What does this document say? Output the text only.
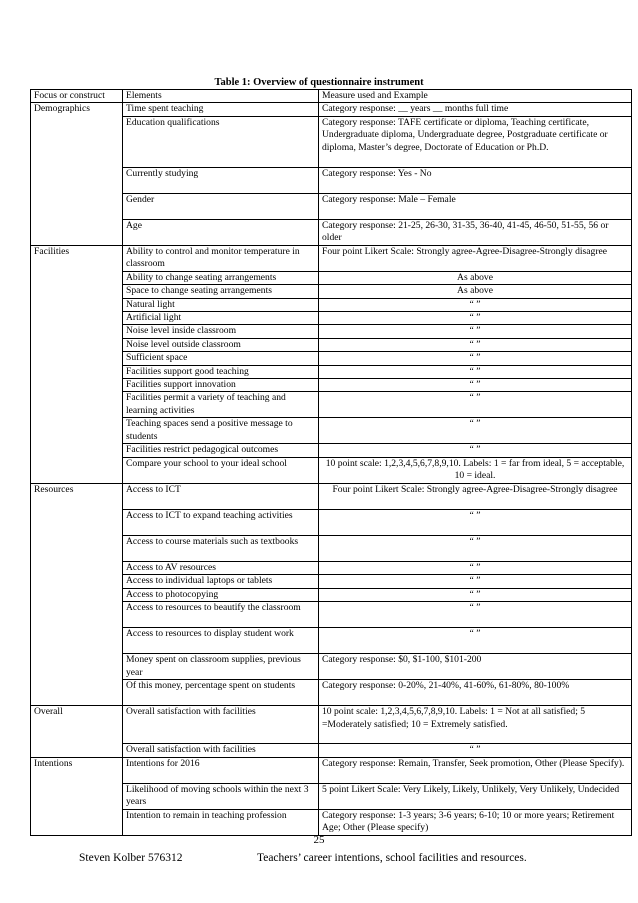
Table 1: Overview of questionnaire instrument
Focus or construct	Elements	Measure used and Example
Demographics	Time spent teaching	Category response: __ years __ months full time
	Education qualifications	Category response: TAFE certificate or diploma, Teaching certificate, Undergraduate diploma, Undergraduate degree, Postgraduate certificate or diploma, Master’s degree, Doctorate of Education or Ph.D.
	Currently studying	Category response: Yes - No
	Gender	Category response: Male – Female
	Age	Category response: 21-25, 26-30, 31-35, 36-40, 41-45, 46-50, 51-55, 56 or older
Facilities	Ability to control and monitor temperature in classroom	Four point Likert Scale: Strongly agree-Agree-Disagree-Strongly disagree
	Ability to change seating arrangements	As above
	Space to change seating arrangements	As above
	Natural light	“ ”
	Artificial light	“ ”
	Noise level inside classroom	“ ”
	Noise level outside classroom	“ ”
	Sufficient space	“ ”
	Facilities support good teaching	“ ”
	Facilities support innovation	“ ”
	Facilities permit a variety of teaching and learning activities	“ ”
	Teaching spaces send a positive message to students	“ ”
	Facilities restrict pedagogical outcomes	“ ”
	Compare your school to your ideal school	10 point scale: 1,2,3,4,5,6,7,8,9,10. Labels: 1 = far from ideal, 5 = acceptable, 10 = ideal.
Resources	Access to ICT	Four point Likert Scale: Strongly agree-Agree-Disagree-Strongly disagree
	Access to ICT to expand teaching activities	“ ”
	Access to course materials such as textbooks	“ ”
	Access to AV resources	“ ”
	Access to individual laptops or tablets	“ ”
	Access to photocopying	“ ”
	Access to resources to beautify the classroom	“ ”
	Access to resources to display student work	“ ”
	Money spent on classroom supplies, previous year	Category response: $0, $1-100, $101-200
	Of this money, percentage spent on students	Category response: 0-20%, 21-40%, 41-60%, 61-80%, 80-100%
Overall	Overall satisfaction with facilities	10 point scale: 1,2,3,4,5,6,7,8,9,10. Labels: 1 = Not at all satisfied; 5 =Moderately satisfied; 10 = Extremely satisfied.
	Overall satisfaction with facilities	“ ”
Intentions	Intentions for 2016	Category response: Remain, Transfer, Seek promotion, Other (Please Specify).
	Likelihood of moving schools within the next 3 years	5 point Likert Scale: Very Likely, Likely, Unlikely, Very Unlikely, Undecided
	Intention to remain in teaching profession	Category response: 1-3 years; 3-6 years; 6-10; 10 or more years; Retirement Age; Other (Please specify)
25
Steven Kolber 576312	Teachers’ career intentions, school facilities and resources.
